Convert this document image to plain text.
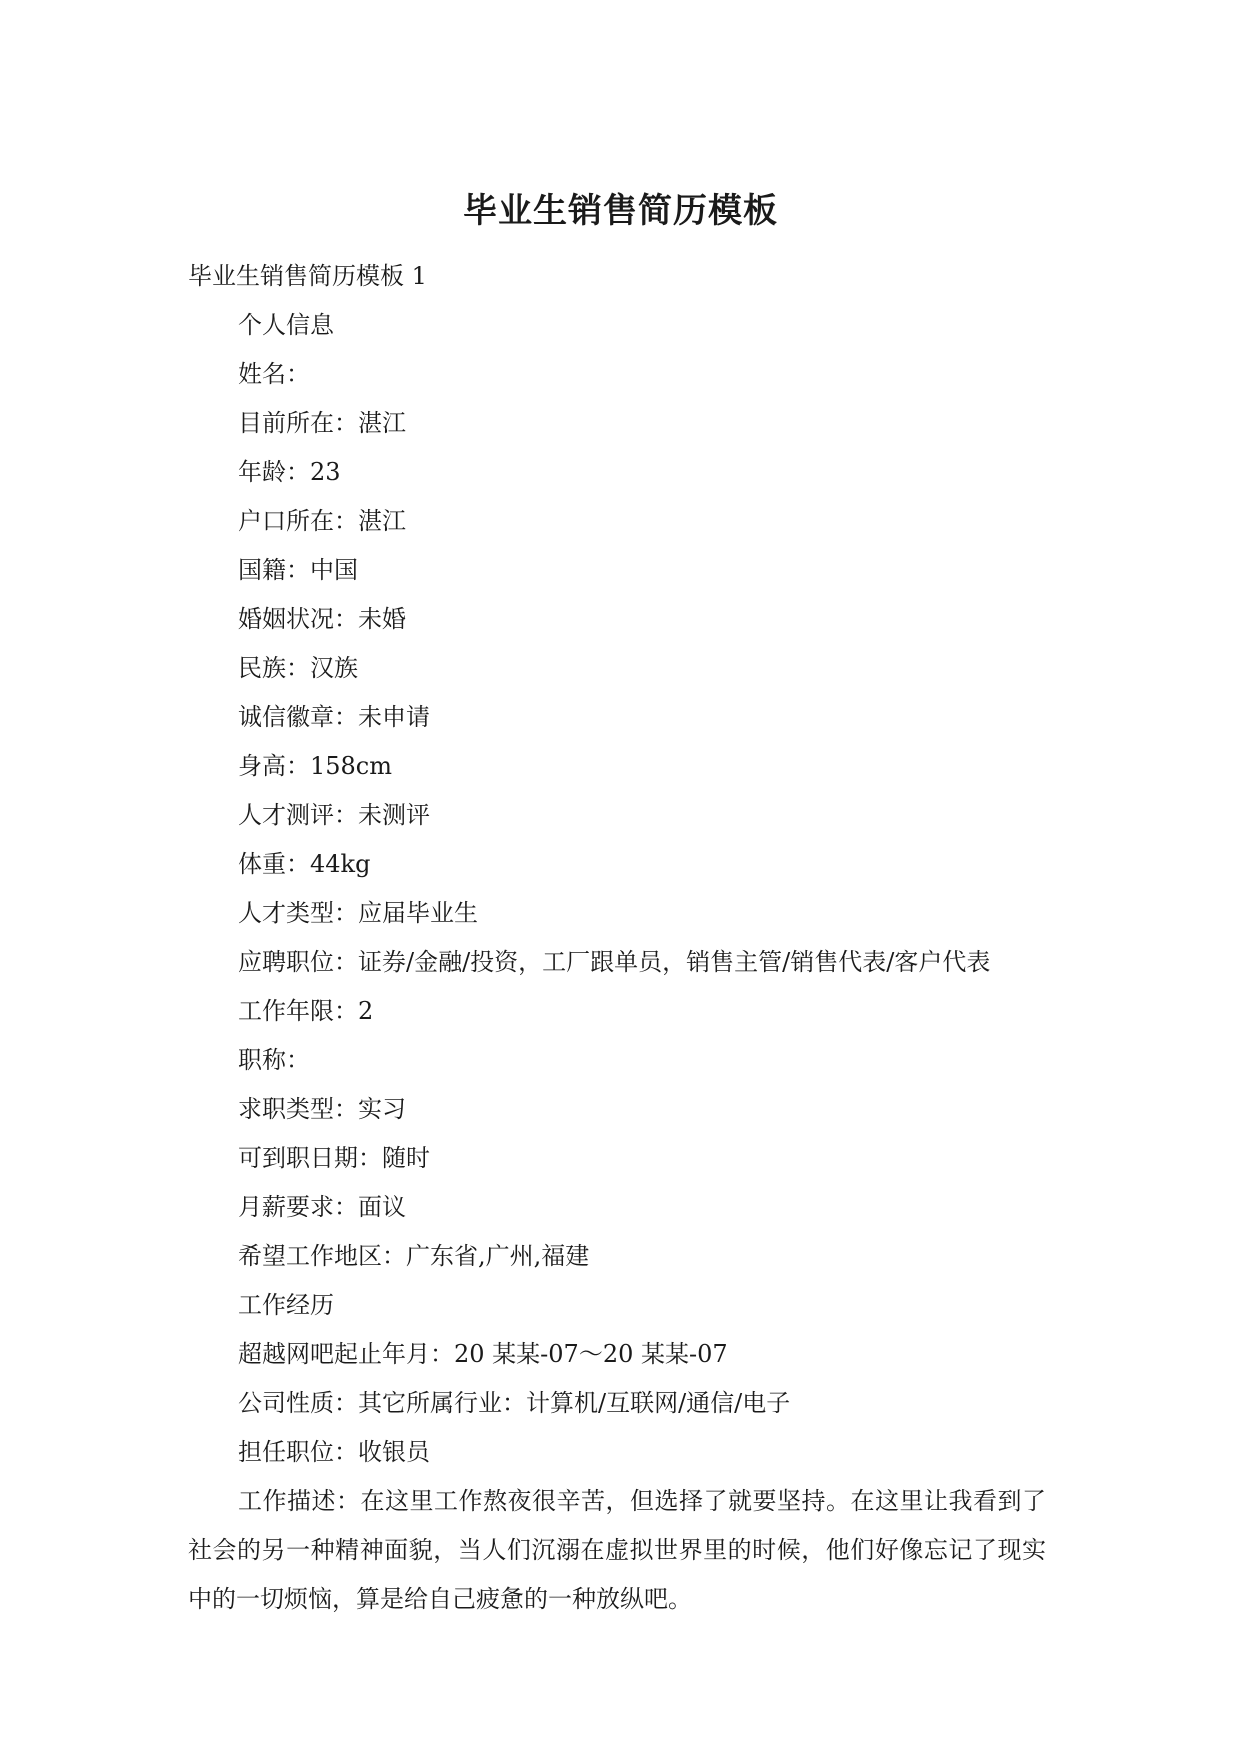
毕业生销售简历模板

毕业生销售简历模板 1

个人信息

姓名：

目前所在：湛江

年龄：23

户口所在：湛江

国籍：中国

婚姻状况：未婚

民族：汉族

诚信徽章：未申请

身高：158cm

人才测评：未测评

体重：44kg

人才类型：应届毕业生

应聘职位：证券/金融/投资，工厂跟单员，销售主管/销售代表/客户代表

工作年限：2

职称：

求职类型：实习

可到职日期：随时

月薪要求：面议

希望工作地区：广东省,广州,福建

工作经历

超越网吧起止年月：20 某某-07～20 某某-07

公司性质：其它所属行业：计算机/互联网/通信/电子

担任职位：收银员

工作描述：在这里工作熬夜很辛苦，但选择了就要坚持。在这里让我看到了社会的另一种精神面貌，当人们沉溺在虚拟世界里的时候，他们好像忘记了现实中的一切烦恼，算是给自己疲惫的一种放纵吧。
